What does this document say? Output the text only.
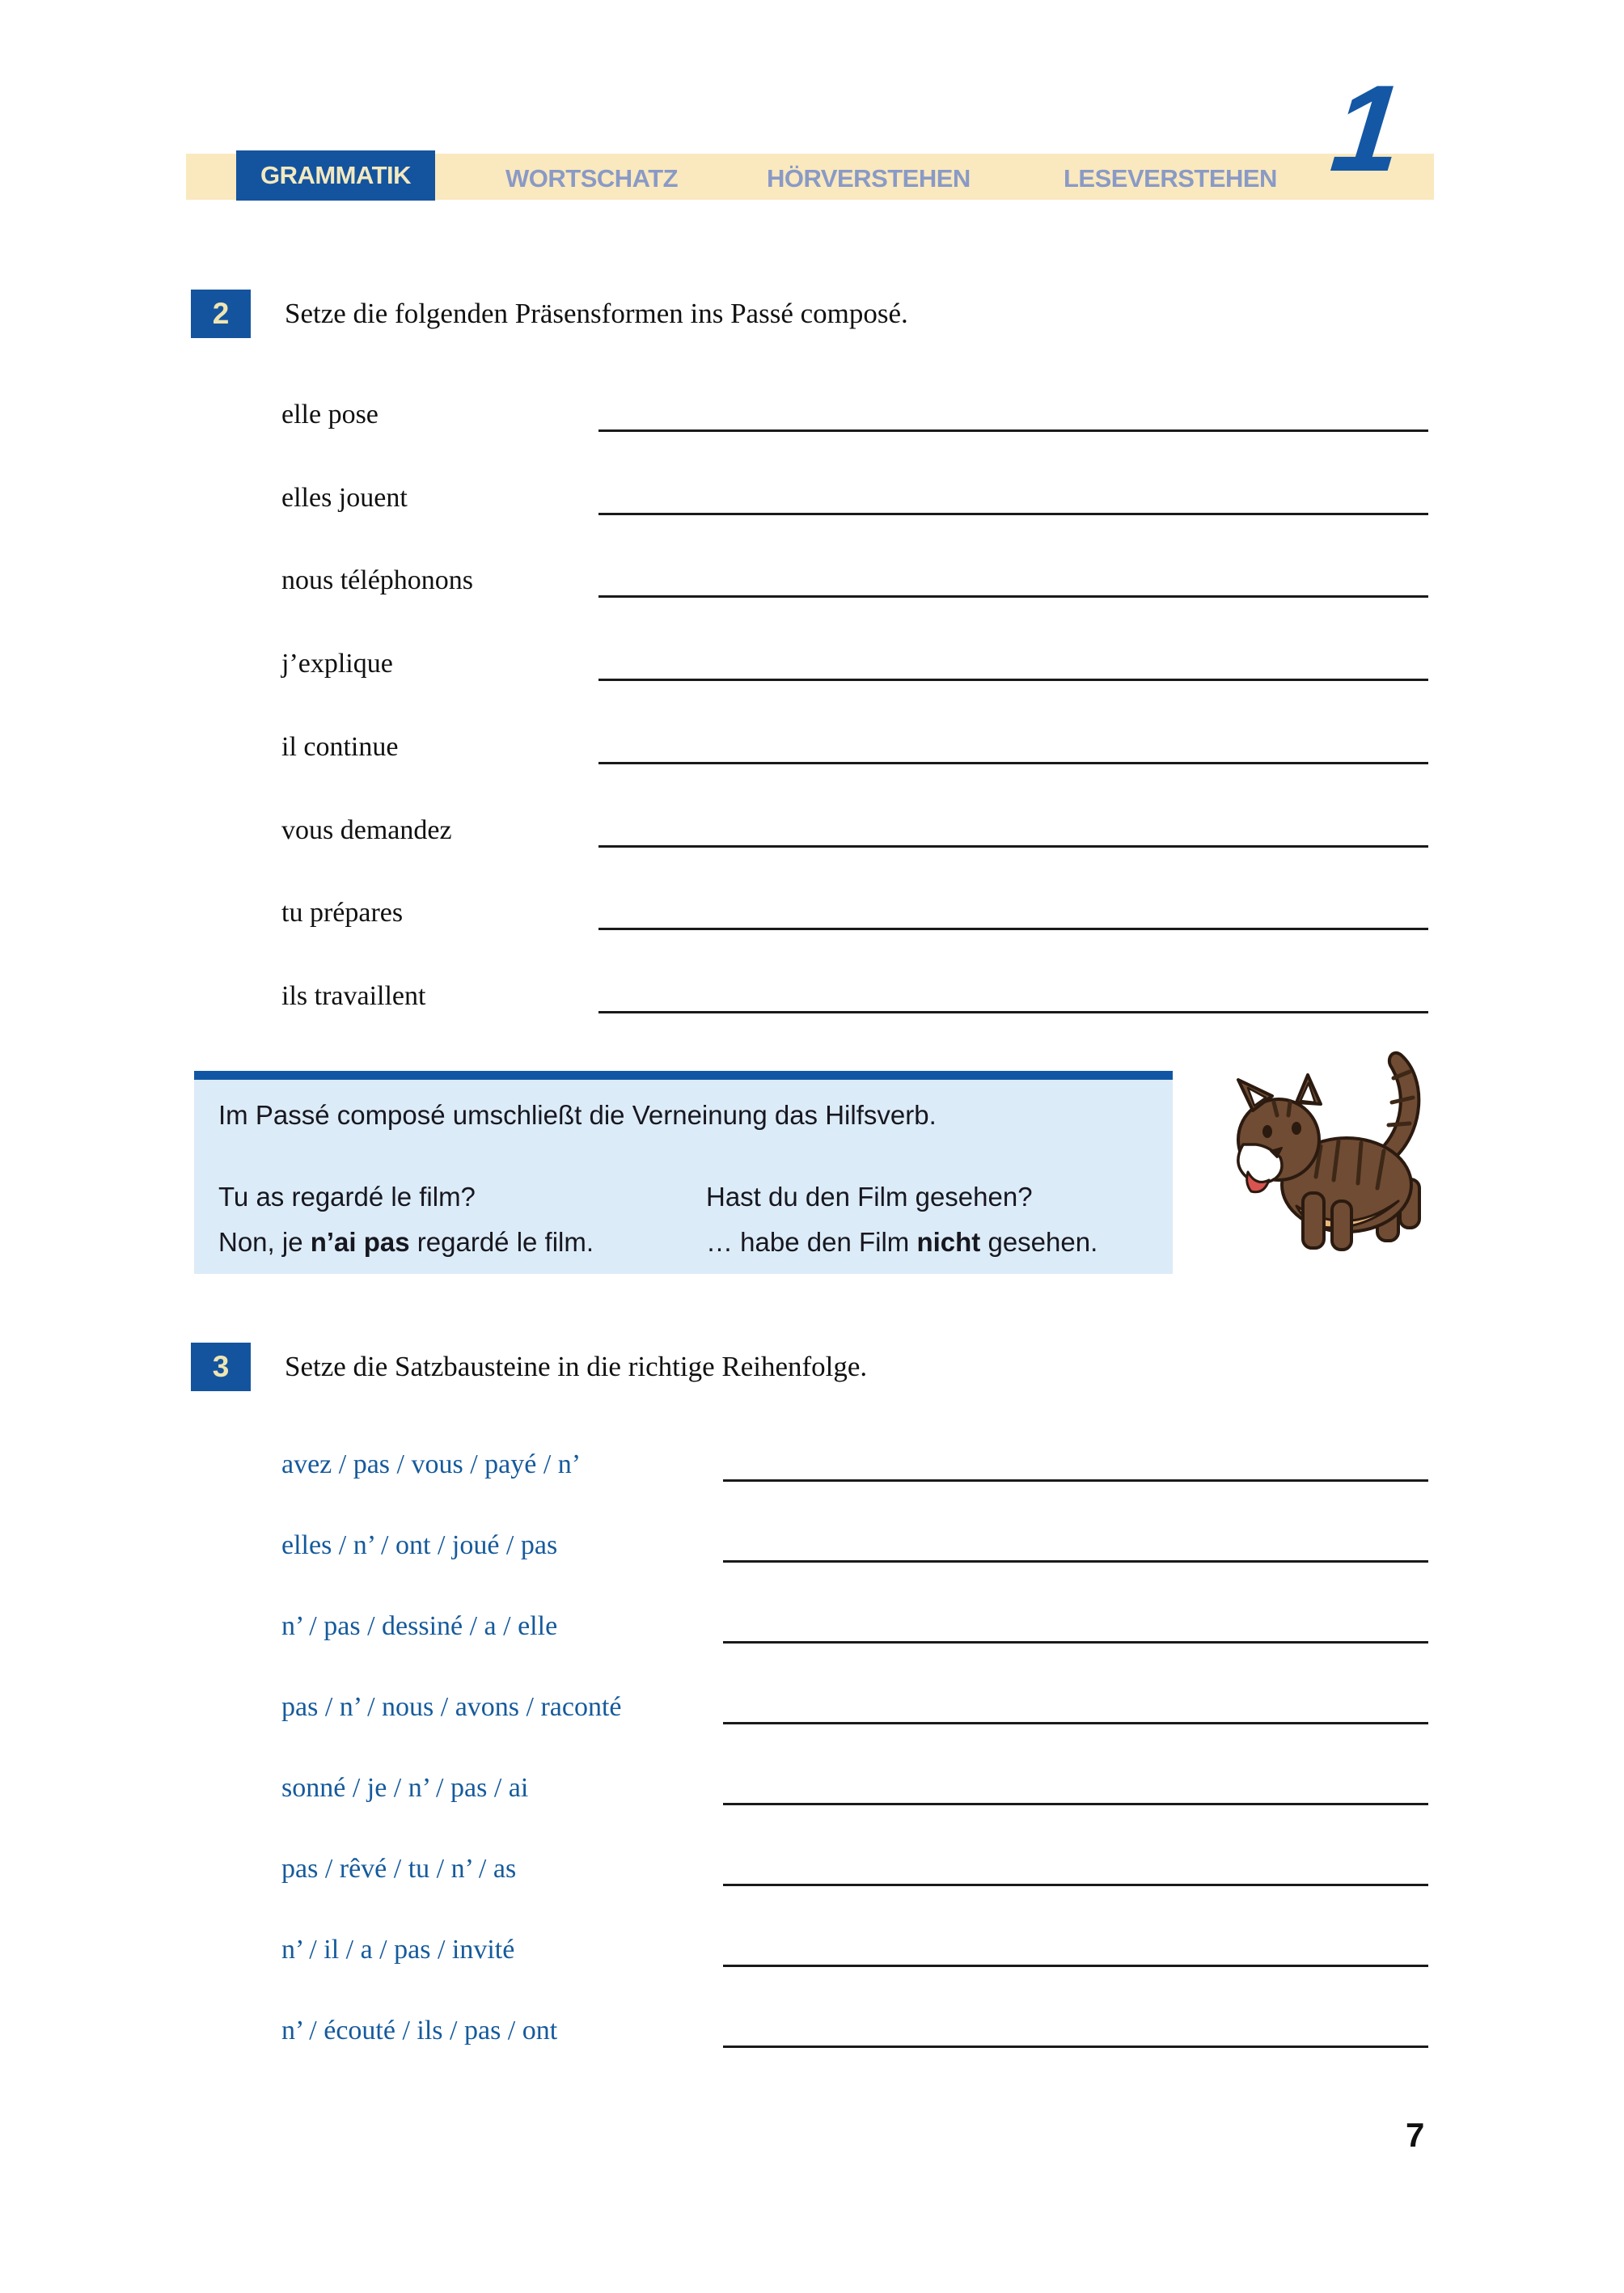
GRAMMATIK	WORTSCHATZ	HÖRVERSTEHEN	LESEVERSTEHEN 1
2	Setze die folgenden Präsensformen ins Passé composé.
elle pose
elles jouent
nous téléphonons
j’explique
il continue
vous demandez
tu prépares
ils travaillent

Im Passé composé umschließt die Verneinung das Hilfsverb.

Tu as regardé le film?	Hast du den Film gesehen?

Non, je n’ai pas regardé le film.	… habe den Film nicht gesehen.

3	Setze die Satzbausteine in die richtige Reihenfolge.
avez / pas / vous / payé / n’
elles / n’ / ont / joué / pas
n’ / pas / dessiné / a / elle
pas / n’ / nous / avons / raconté
sonné / je / n’ / pas / ai
pas / rêvé / tu / n’ / as
n’ / il / a / pas / invité
n’ / écouté / ils / pas / ont
7
